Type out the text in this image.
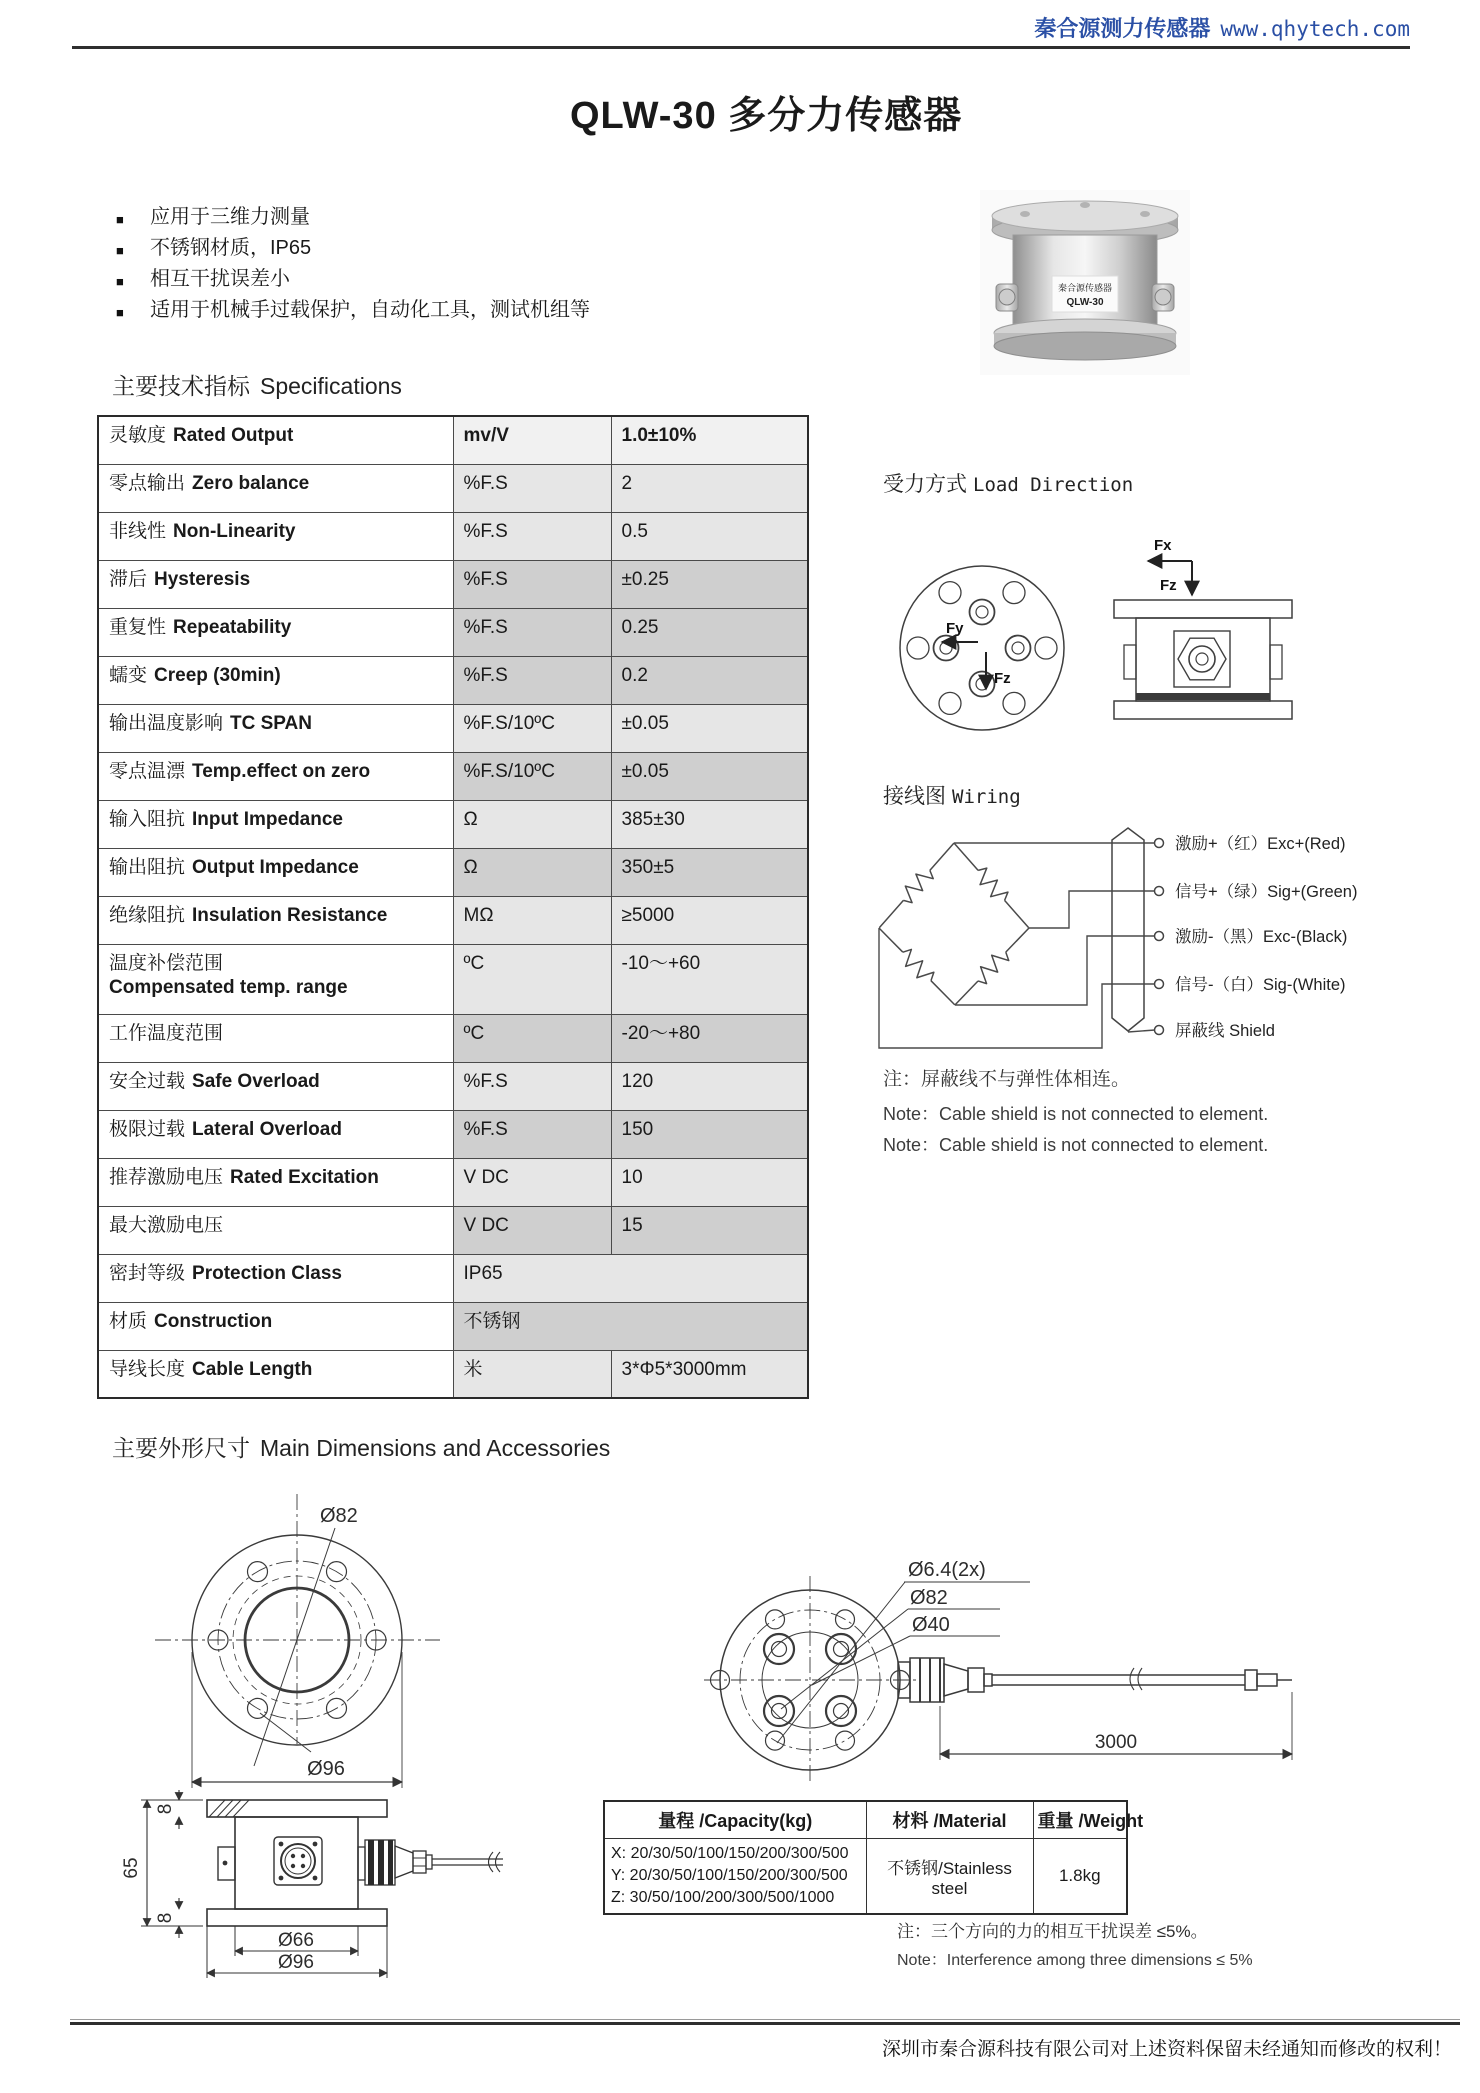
秦合源测力传感器 www.qhytech.com
QLW-30 多分力传感器
■ 应用于三维力测量
■ 不锈钢材质，IP65
■ 相互干扰误差小
■ 适用于机械手过载保护，自动化工具，测试机组等
秦合源传感器
QLW-30
主要技术指标 Specifications
灵敏度 Rated Output	mv/V	1.0±10%
零点输出 Zero balance	%F.S	2
非线性 Non-Linearity	%F.S	0.5
滞后 Hysteresis	%F.S	±0.25
重复性 Repeatability	%F.S	0.25
蠕变 Creep (30min)	%F.S	0.2
输出温度影响 TC SPAN	%F.S/10ºC	±0.05
零点温漂 Temp.effect on zero	%F.S/10ºC	±0.05
输入阻抗 Input Impedance	Ω	385±30
输出阻抗 Output Impedance	Ω	350±5
绝缘阻抗 Insulation Resistance	MΩ	≥5000
温度补偿范围
Compensated temp. range	ºC	-10～+60
工作温度范围	ºC	-20～+80
安全过载 Safe Overload	%F.S	120
极限过载 Lateral Overload	%F.S	150
推荐激励电压 Rated Excitation	V DC	10
最大激励电压	V DC	15
密封等级 Protection Class	IP65	
材质 Construction	不锈钢	
导线长度 Cable Length	米	3*Φ5*3000mm
受力方式 Load Direction
Fy
Fz
Fx
Fz
接线图 Wiring
激励+（红）Exc+(Red)
信号+（绿）Sig+(Green)
激励-（黑）Exc-(Black)
信号-（白）Sig-(White)
屏蔽线 Shield
注：屏蔽线不与弹性体相连。
Note：Cable shield is not connected to element.
Note：Cable shield is not connected to element.
主要外形尺寸 Main Dimensions and Accessories
Ø82
Ø96
Ø6.4(2x)
Ø82
Ø40
3000
65
8
8
Ø66
Ø96
量程 /Capacity(kg)	材料 /Material	重量 /Weight

X: 20/30/50/100/150/200/300/500
Y: 20/30/50/100/150/200/300/500
Z: 30/50/100/200/300/500/1000	不锈钢/Stainless steel	1.8kg
注：三个方向的力的相互干扰误差 ≤5%。
Note：Interference among three dimensions ≤ 5%
深圳市秦合源科技有限公司对上述资料保留未经通知而修改的权利！
